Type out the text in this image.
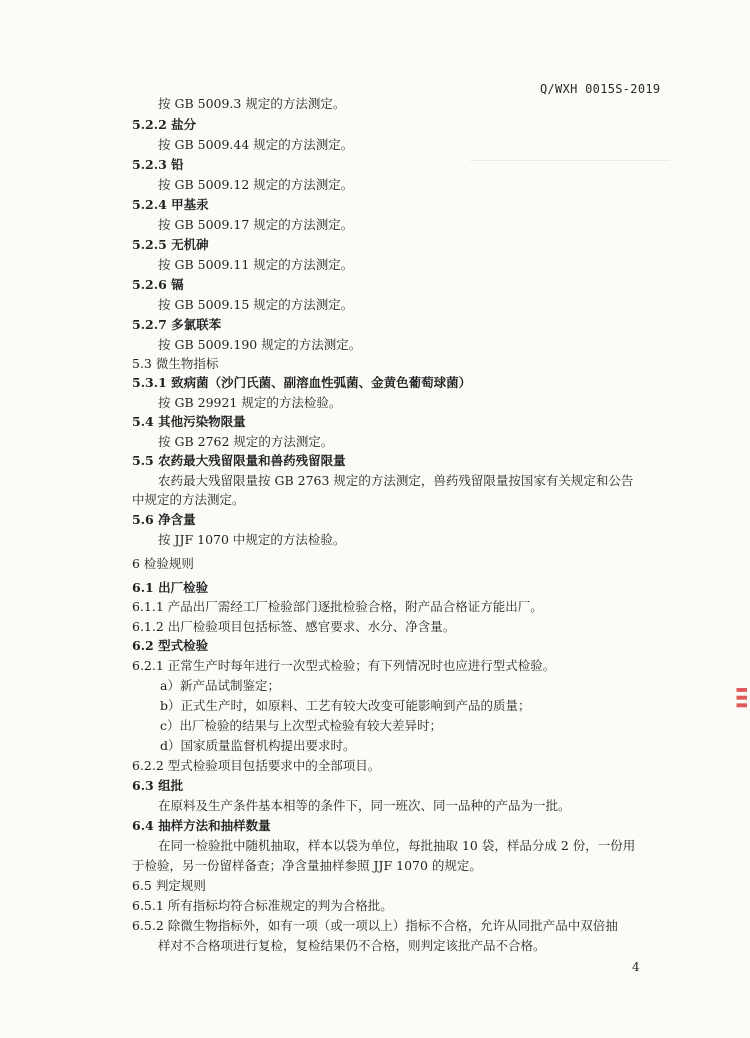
Q/WXH 0015S-2019
按 GB 5009.3 规定的方法测定。
5.2.2 盐分
按 GB 5009.44 规定的方法测定。
5.2.3 铅
按 GB 5009.12 规定的方法测定。
5.2.4 甲基汞
按 GB 5009.17 规定的方法测定。
5.2.5 无机砷
按 GB 5009.11 规定的方法测定。
5.2.6 镉
按 GB 5009.15 规定的方法测定。
5.2.7 多氯联苯
按 GB 5009.190 规定的方法测定。
5.3 微生物指标
5.3.1 致病菌（沙门氏菌、副溶血性弧菌、金黄色葡萄球菌）
按 GB 29921 规定的方法检验。
5.4 其他污染物限量
按 GB 2762 规定的方法测定。
5.5 农药最大残留限量和兽药残留限量
农药最大残留限量按 GB 2763 规定的方法测定，兽药残留限量按国家有关规定和公告
中规定的方法测定。
5.6 净含量
按 JJF 1070 中规定的方法检验。
6 检验规则
6.1 出厂检验
6.1.1 产品出厂需经工厂检验部门逐批检验合格，附产品合格证方能出厂。
6.1.2 出厂检验项目包括标签、感官要求、水分、净含量。
6.2 型式检验
6.2.1 正常生产时每年进行一次型式检验；有下列情况时也应进行型式检验。
a）新产品试制鉴定；
b）正式生产时，如原料、工艺有较大改变可能影响到产品的质量；
c）出厂检验的结果与上次型式检验有较大差异时；
d）国家质量监督机构提出要求时。
6.2.2 型式检验项目包括要求中的全部项目。
6.3 组批
在原料及生产条件基本相等的条件下，同一班次、同一品种的产品为一批。
6.4 抽样方法和抽样数量
在同一检验批中随机抽取，样本以袋为单位，每批抽取 10 袋，样品分成 2 份，一份用
于检验，另一份留样备查；净含量抽样参照 JJF 1070 的规定。
6.5 判定规则
6.5.1 所有指标均符合标准规定的判为合格批。
6.5.2 除微生物指标外，如有一项（或一项以上）指标不合格，允许从同批产品中双倍抽
样对不合格项进行复检，复检结果仍不合格，则判定该批产品不合格。
4
▌▌▌
